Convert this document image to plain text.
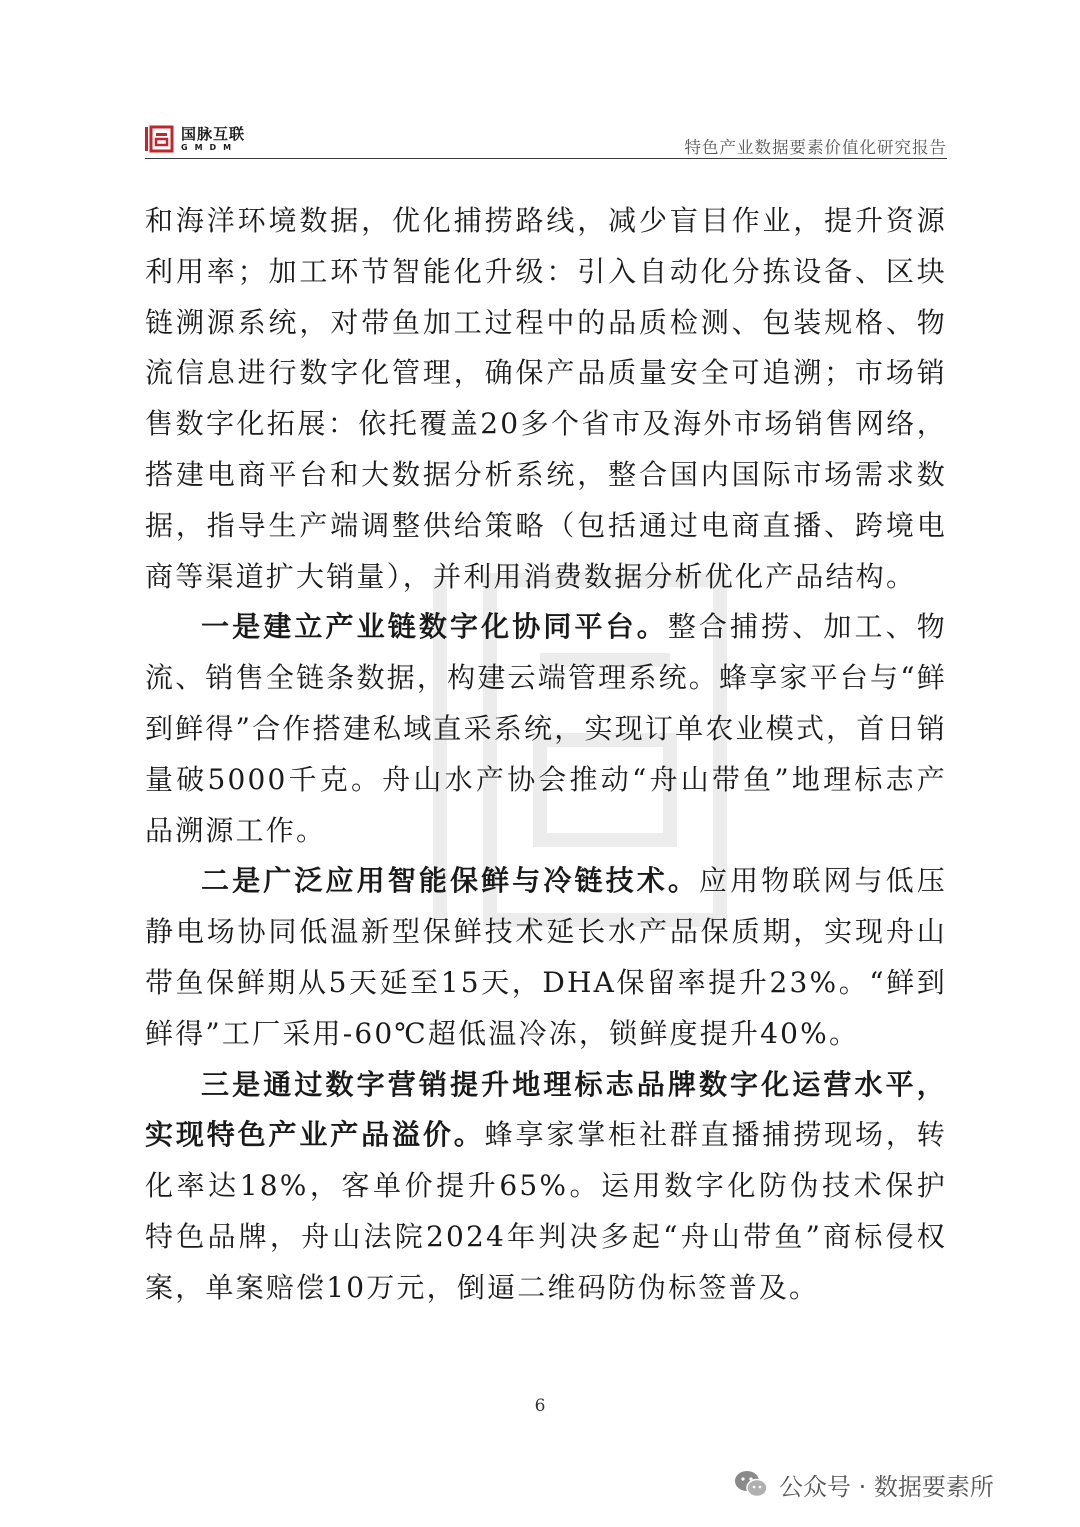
国脉互联
GMDM	特色产业数据要素价值化研究报告

和海洋环境数据，优化捕捞路线，减少盲目作业，提升资源利用率；加工环节智能化升级：引入自动化分拣设备、区块链溯源系统，对带鱼加工过程中的品质检测、包装规格、物流信息进行数字化管理，确保产品质量安全可追溯；市场销售数字化拓展：依托覆盖20多个省市及海外市场销售网络，搭建电商平台和大数据分析系统，整合国内国际市场需求数据，指导生产端调整供给策略（包括通过电商直播、跨境电商等渠道扩大销量），并利用消费数据分析优化产品结构。

一是建立产业链数字化协同平台。整合捕捞、加工、物流、销售全链条数据，构建云端管理系统。蜂享家平台与“鲜到鲜得”合作搭建私域直采系统，实现订单农业模式，首日销量破5000千克。舟山水产协会推动“舟山带鱼”地理标志产品溯源工作。

二是广泛应用智能保鲜与冷链技术。应用物联网与低压静电场协同低温新型保鲜技术延长水产品保质期，实现舟山带鱼保鲜期从5天延至15天，DHA保留率提升23%。“鲜到鲜得”工厂采用-60℃超低温冷冻，锁鲜度提升40%。

三是通过数字营销提升地理标志品牌数字化运营水平，实现特色产业产品溢价。蜂享家掌柜社群直播捕捞现场，转化率达18%，客单价提升65%。运用数字化防伪技术保护特色品牌，舟山法院2024年判决多起“舟山带鱼”商标侵权案，单案赔偿10万元，倒逼二维码防伪标签普及。

6
公众号 · 数据要素所
